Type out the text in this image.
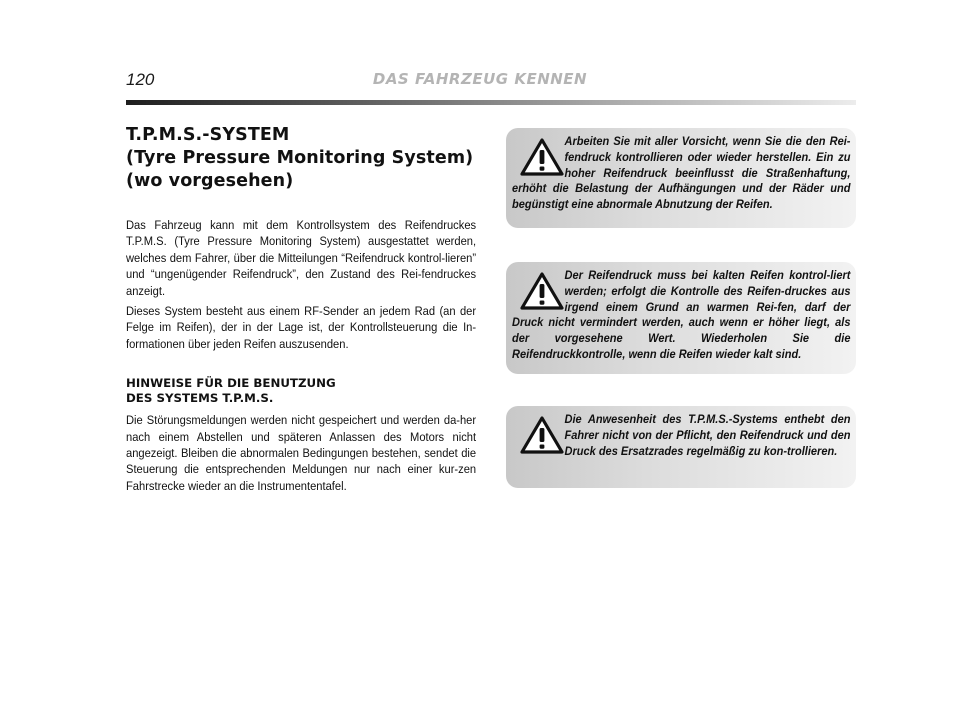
120	DAS FAHRZEUG KENNEN
T.P.M.S.-SYSTEM
(Tyre Pressure Monitoring System)
(wo vorgesehen)

Das Fahrzeug kann mit dem Kontrollsystem des Reifendruckes T.P.M.S. (Tyre Pressure Monitoring System) ausgestattet werden, welches dem Fahrer, über die Mitteilungen “Reifendruck kontrol-lieren” und “ungenügender Reifendruck”, den Zustand des Rei-fendruckes anzeigt.

Dieses System besteht aus einem RF-Sender an jedem Rad (an der Felge im Reifen), der in der Lage ist, der Kontrollsteuerung die In-formationen über jeden Reifen auszusenden.

HINWEISE FÜR DIE BENUTZUNG
DES SYSTEMS T.P.M.S.

Die Störungsmeldungen werden nicht gespeichert und werden da-her nach einem Abstellen und späteren Anlassen des Motors nicht angezeigt. Bleiben die abnormalen Bedingungen bestehen, sendet die Steuerung die entsprechenden Meldungen nur nach einer kur-zen Fahrstrecke wieder an die Instrumententafel.

Arbeiten Sie mit aller Vorsicht, wenn Sie die den Rei-fendruck kontrollieren oder wieder herstellen. Ein zu hoher Reifendruck beeinflusst die Straßenhaftung, erhöht die Belastung der Aufhängungen und der Räder und begünstigt eine abnormale Abnutzung der Reifen.

Der Reifendruck muss bei kalten Reifen kontrol-liert werden; erfolgt die Kontrolle des Reifen-druckes aus irgend einem Grund an warmen Rei-fen, darf der Druck nicht vermindert werden, auch wenn er höher liegt, als der vorgesehene Wert. Wiederholen Sie die Reifendruckkontrolle, wenn die Reifen wieder kalt sind.

Die Anwesenheit des T.P.M.S.-Systems enthebt den Fahrer nicht von der Pflicht, den Reifendruck und den Druck des Ersatzrades regelmäßig zu kon-trollieren.
